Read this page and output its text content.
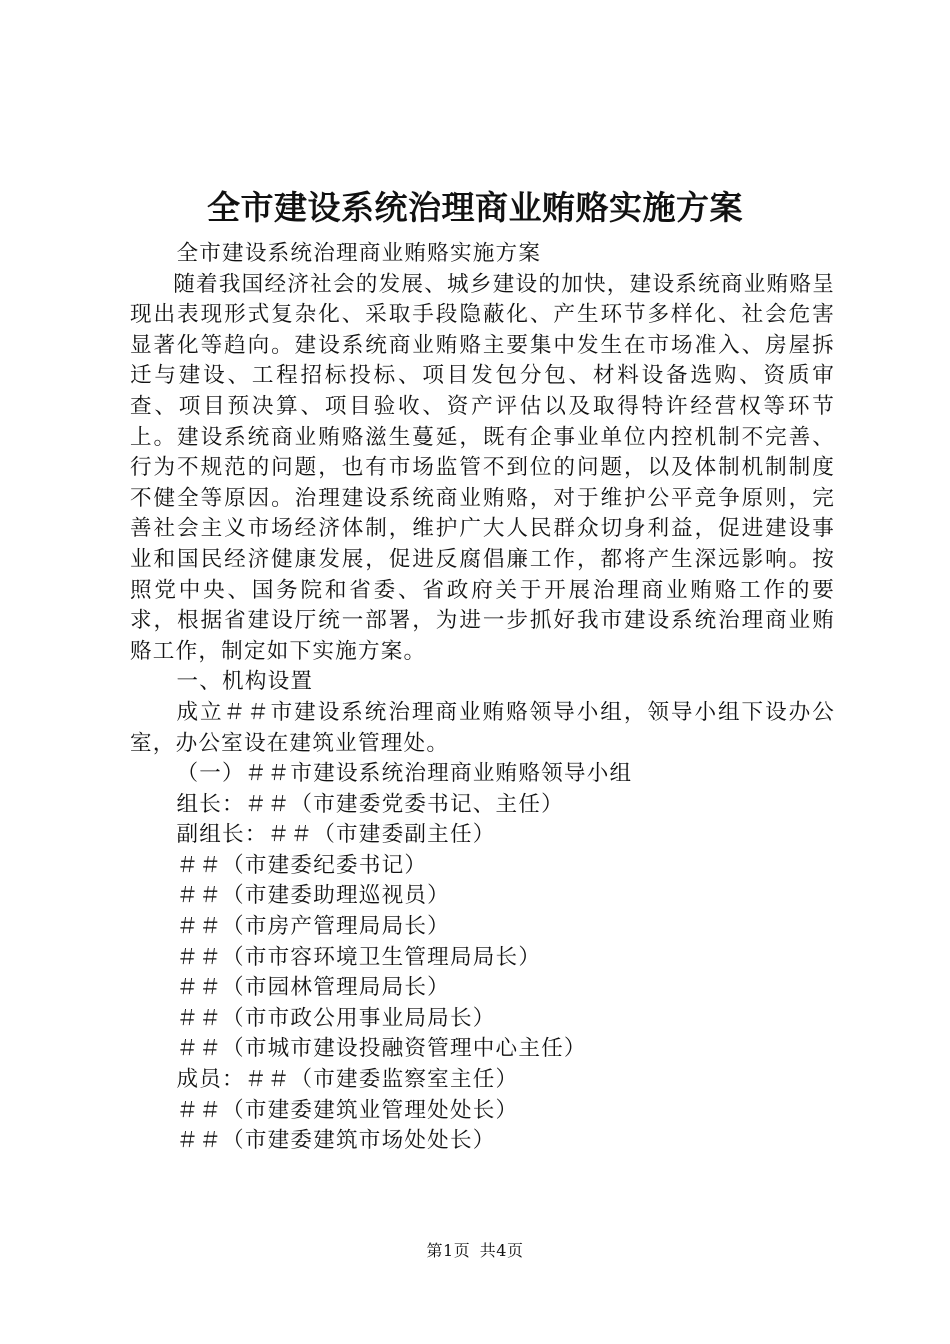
全市建设系统治理商业贿赂实施方案

全市建设系统治理商业贿赂实施方案

随着我国经济社会的发展、城乡建设的加快，建设系统商业贿赂呈现出表现形式复杂化、采取手段隐蔽化、产生环节多样化、社会危害显著化等趋向。建设系统商业贿赂主要集中发生在市场准入、房屋拆迁与建设、工程招标投标、项目发包分包、材料设备选购、资质审查、项目预决算、项目验收、资产评估以及取得特许经营权等环节上。建设系统商业贿赂滋生蔓延，既有企事业单位内控机制不完善、行为不规范的问题，也有市场监管不到位的问题，以及体制机制制度不健全等原因。治理建设系统商业贿赂，对于维护公平竞争原则，完善社会主义市场经济体制，维护广大人民群众切身利益，促进建设事业和国民经济健康发展，促进反腐倡廉工作，都将产生深远影响。按照党中央、国务院和省委、省政府关于开展治理商业贿赂工作的要求，根据省建设厅统一部署，为进一步抓好我市建设系统治理商业贿赂工作，制定如下实施方案。

一、机构设置

成立＃＃市建设系统治理商业贿赂领导小组，领导小组下设办公室，办公室设在建筑业管理处。

（一）＃＃市建设系统治理商业贿赂领导小组

组长：＃＃（市建委党委书记、主任）

副组长：＃＃（市建委副主任）

＃＃（市建委纪委书记）

＃＃（市建委助理巡视员）

＃＃（市房产管理局局长）

＃＃（市市容环境卫生管理局局长）

＃＃（市园林管理局局长）

＃＃（市市政公用事业局局长）

＃＃（市城市建设投融资管理中心主任）

成员：＃＃（市建委监察室主任）

＃＃（市建委建筑业管理处处长）

＃＃（市建委建筑市场处处长）

第1页 共4页
